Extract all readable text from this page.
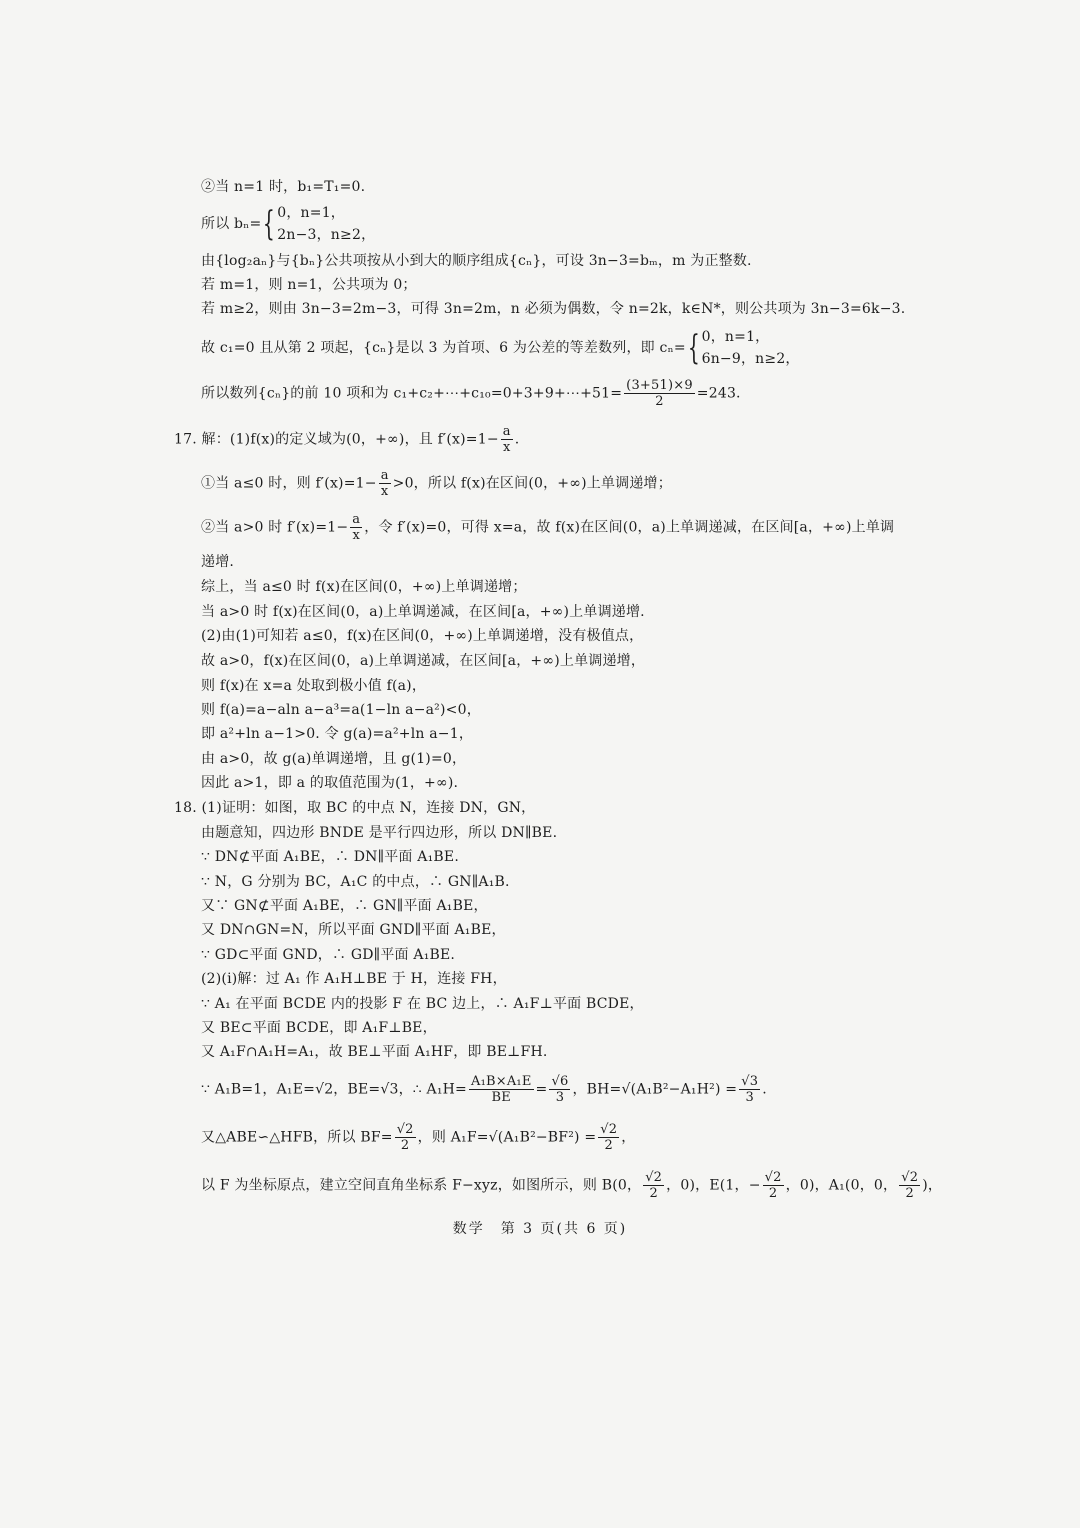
②当 n=1 时，b₁=T₁=0.
所以 bₙ={ 0，n=1，
2n−3，n≥2，
由{log₂aₙ}与{bₙ}公共项按从小到大的顺序组成{cₙ}，可设 3n−3=bₘ，m 为正整数.
若 m=1，则 n=1，公共项为 0；
若 m≥2，则由 3n−3=2m−3，可得 3n=2m，n 必须为偶数，令 n=2k，k∈N*，则公共项为 3n−3=6k−3.
故 c₁=0 且从第 2 项起，{cₙ}是以 3 为首项、6 为公差的等差数列，即 cₙ={ 0，n=1，
6n−9，n≥2，
所以数列{cₙ}的前 10 项和为 c₁+c₂+⋯+c₁₀=0+3+9+⋯+51= $\frac{(3+51)\times 9}{2} =243$.
17. 解：(1)f(x)的定义域为(0，+∞)，且 $f'(x)=1- \frac{a}{x}$ .
①当 a≤0 时，则 $f'(x)=1- \frac{a}{x} >0$，所以 f(x)在区间(0，+∞)上单调递增；
②当 a>0 时 $f'(x)=1- \frac{a}{x}$ ，令 f′(x)=0，可得 x=a，故 f(x)在区间(0，a)上单调递减，在区间[a，+∞)上单调
递增.
综上，当 a≤0 时 f(x)在区间(0，+∞)上单调递增；
当 a>0 时 f(x)在区间(0，a)上单调递减，在区间[a，+∞)上单调递增.
(2)由(1)可知若 a≤0，f(x)在区间(0，+∞)上单调递增，没有极值点，
故 a>0，f(x)在区间(0，a)上单调递减，在区间[a，+∞)上单调递增，
则 f(x)在 x=a 处取到极小值 f(a)，
则 f(a)=a−aln a−a³=a(1−ln a−a²)<0，
即 a²+ln a−1>0. 令 g(a)=a²+ln a−1，
由 a>0，故 g(a)单调递增，且 g(1)=0，
因此 a>1，即 a 的取值范围为(1，+∞).
18. (1)证明：如图，取 BC 的中点 N，连接 DN，GN，
由题意知，四边形 BNDE 是平行四边形，所以 DN∥BE.
∵ DN⊄平面 A₁BE，∴ DN∥平面 A₁BE.
∵ N，G 分别为 BC，A₁C 的中点，∴ GN∥A₁B.
又∵ GN⊄平面 A₁BE，∴ GN∥平面 A₁BE，
又 DN∩GN=N，所以平面 GND∥平面 A₁BE，
∵ GD⊂平面 GND，∴ GD∥平面 A₁BE.
(2)(i)解：过 A₁ 作 A₁H⊥BE 于 H，连接 FH，
∵ A₁ 在平面 BCDE 内的投影 F 在 BC 边上，∴ A₁F⊥平面 BCDE，
又 BE⊂平面 BCDE，即 A₁F⊥BE，
又 A₁F∩A₁H=A₁，故 BE⊥平面 A₁HF，即 BE⊥FH.
∵ A₁B=1，A₁E=√2，BE=√3，∴ $A_1H= \frac{\text{A₁B×A₁E}}{BE} = \frac{√6}{3}$ ，$BH=√(A_1B^2-A_1H^2) = \frac{√3}{3}$ .
又△ABE∽△HFB，所以 $BF= \frac{√2}{2}$ ，则 $A_1F=√(A_1B^2-BF^2) = \frac{√2}{2}$ ，
以 F 为坐标原点，建立空间直角坐标系 F−xyz，如图所示，则 B(0， $\frac{√2}{2}$ ，0)，E(1，− $\frac{√2}{2}$ ，0)，A₁(0，0， $\frac{√2}{2}$ )，
数学　第 3 页(共 6 页)
